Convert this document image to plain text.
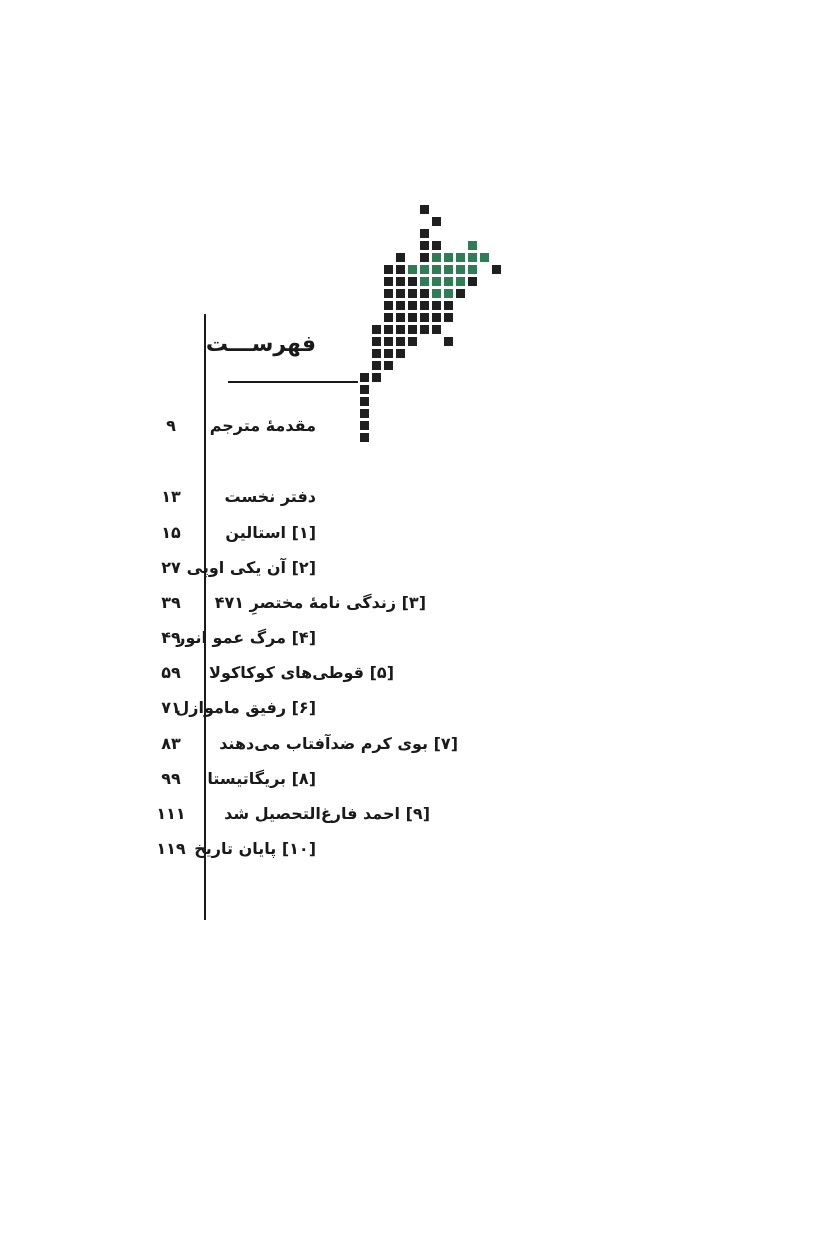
فهرســـت
مقدمهٔ مترجم
۹
دفتر نخست
۱۳
[۱] استالین
۱۵
[۲] آن یکی اوپی
۲۷
[۳] زندگی نامهٔ مختصرِ ۴۷۱
۳۹
[۴] مرگ عمو انور
۴۹
[۵] قوطی‌های کوکاکولا
۵۹
[۶] رفیق ماموازل
۷۱
[۷] بوی کرم ضدآفتاب می‌دهند
۸۳
[۸] بریگاتیستا
۹۹
[۹] احمد فارغ‌التحصیل شد
۱۱۱
[۱۰] پایان تاریخ
۱۱۹
